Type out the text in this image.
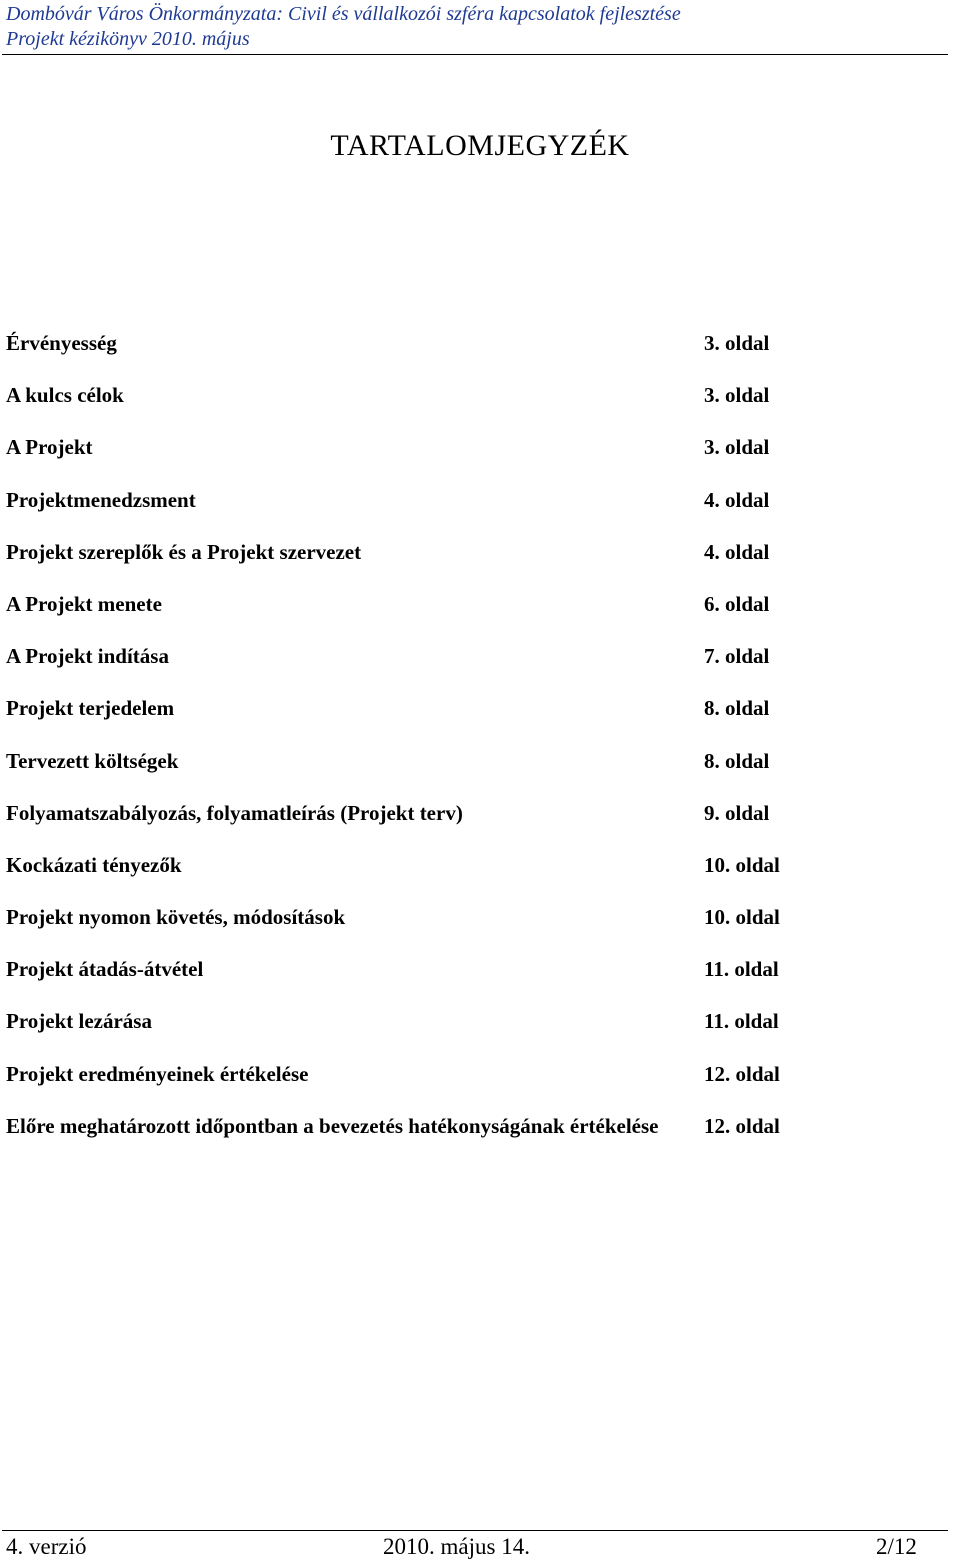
Dombóvár Város Önkormányzata: Civil és vállalkozói szféra kapcsolatok fejlesztése
Projekt kézikönyv 2010. május
TARTALOMJEGYZÉK
Érvényesség	3. oldal
A kulcs célok	3. oldal
A Projekt	3. oldal
Projektmenedzsment	4. oldal
Projekt szereplők és a Projekt szervezet	4. oldal
A Projekt menete	6. oldal
A Projekt indítása	7. oldal
Projekt terjedelem	8. oldal
Tervezett költségek	8. oldal
Folyamatszabályozás, folyamatleírás (Projekt terv)	9. oldal
Kockázati tényezők	10. oldal
Projekt nyomon követés, módosítások	10. oldal
Projekt átadás-átvétel	11. oldal
Projekt lezárása	11. oldal
Projekt eredményeinek értékelése	12. oldal
Előre meghatározott időpontban a bevezetés hatékonyságának értékelése	12. oldal
4. verzió	2010. május 14.	2/12
